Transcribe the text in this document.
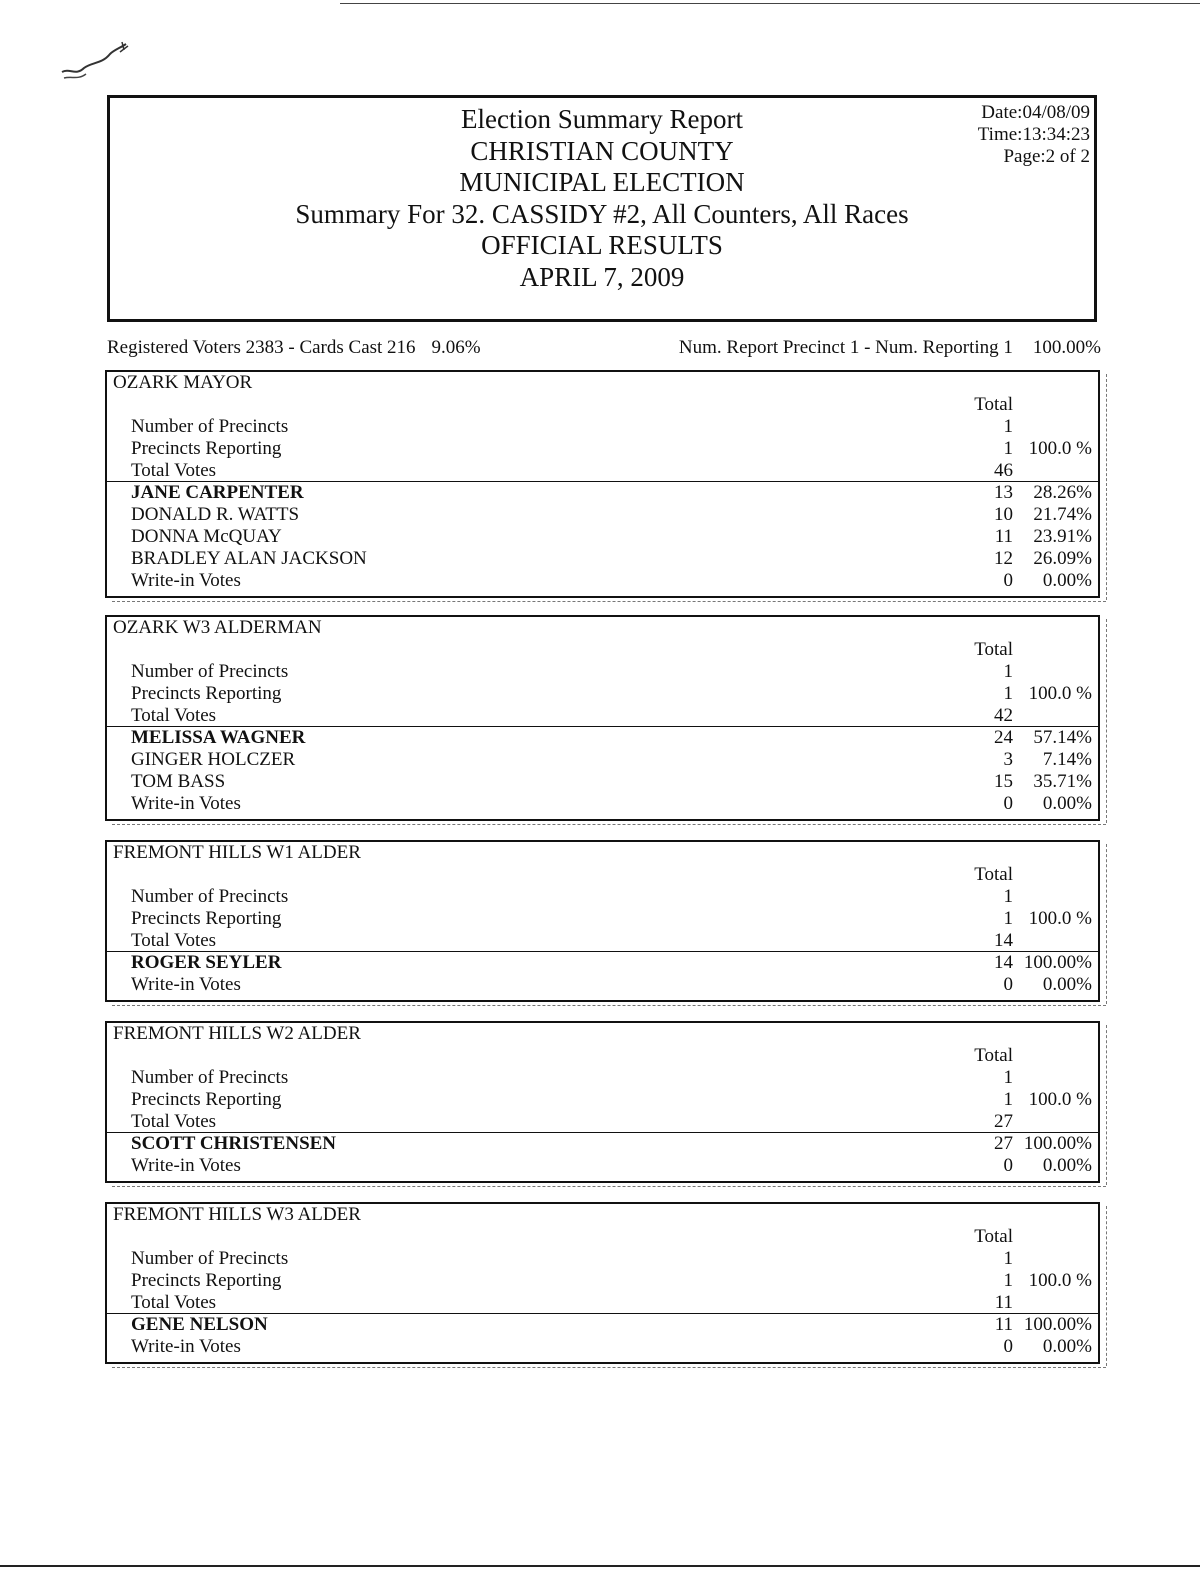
Election Summary Report
CHRISTIAN COUNTY
MUNICIPAL ELECTION
Summary For 32. CASSIDY #2, All Counters, All Races
OFFICIAL RESULTS
APRIL 7, 2009
Date:04/08/09
Time:13:34:23
Page:2 of 2
Registered Voters 2383 - Cards Cast 216 9.06%	Num. Report Precinct 1 - Num. Reporting 1 100.00%
OZARK MAYOR
Total
Number of Precincts	1
Precincts Reporting	1 100.0 %
Total Votes	46
JANE CARPENTER	13 28.26%
DONALD R. WATTS	10 21.74%
DONNA McQUAY	11 23.91%
BRADLEY ALAN JACKSON	12 26.09%
Write-in Votes	0 0.00%
OZARK W3 ALDERMAN
Total
Number of Precincts	1
Precincts Reporting	1 100.0 %
Total Votes	42
MELISSA WAGNER	24 57.14%
GINGER HOLCZER	3 7.14%
TOM BASS	15 35.71%
Write-in Votes	0 0.00%
FREMONT HILLS W1 ALDER
Total
Number of Precincts	1
Precincts Reporting	1 100.0 %
Total Votes	14
ROGER SEYLER	14 100.00%
Write-in Votes	0 0.00%
FREMONT HILLS W2 ALDER
Total
Number of Precincts	1
Precincts Reporting	1 100.0 %
Total Votes	27
SCOTT CHRISTENSEN	27 100.00%
Write-in Votes	0 0.00%
FREMONT HILLS W3 ALDER
Total
Number of Precincts	1
Precincts Reporting	1 100.0 %
Total Votes	11
GENE NELSON	11 100.00%
Write-in Votes	0 0.00%
